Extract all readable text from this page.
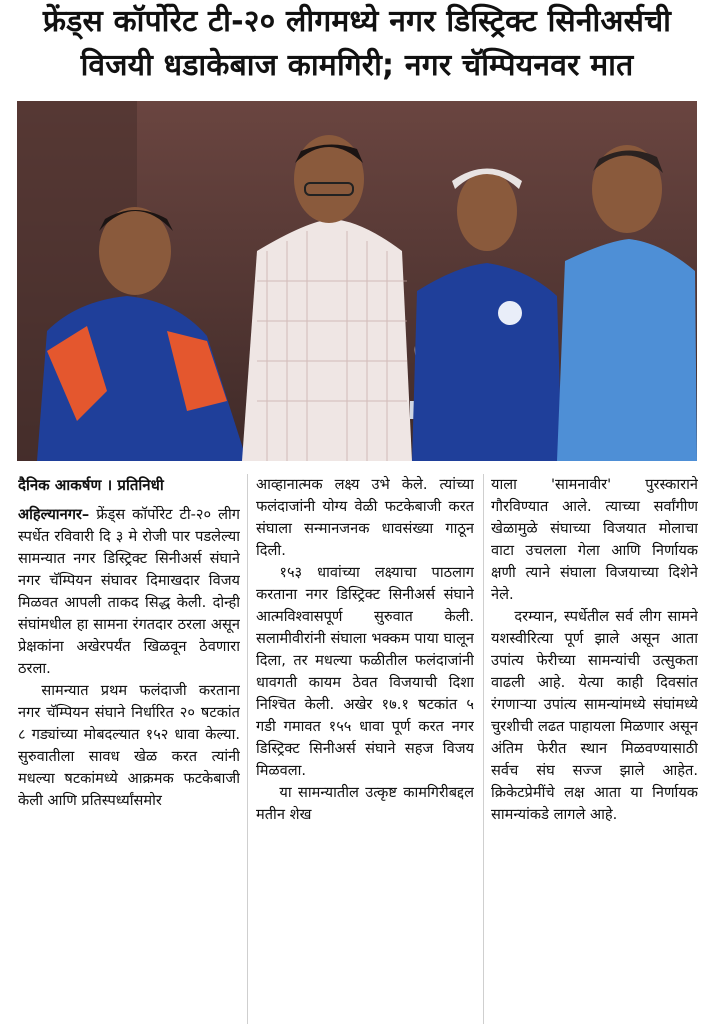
फ्रेंड्स कॉर्पोरेट टी-२० लीगमध्ये नगर डिस्ट्रिक्ट सिनीअर्सची
विजयी धडाकेबाज कामगिरी; नगर चॅम्पियनवर मात

दैनिक आकर्षण । प्रतिनिधी

अहिल्यानगर– फ्रेंड्स कॉर्पोरेट टी-२० लीग स्पर्धेत रविवारी दि ३ मे रोजी पार पडलेल्या सामन्यात नगर डिस्ट्रिक्ट सिनीअर्स संघाने नगर चॅम्पियन संघावर दिमाखदार विजय मिळवत आपली ताकद सिद्ध केली. दोन्ही संघांमधील हा सामना रंगतदार ठरला असून प्रेक्षकांना अखेरपर्यंत खिळवून ठेवणारा ठरला.

सामन्यात प्रथम फलंदाजी करताना नगर चॅम्पियन संघाने निर्धारित २० षटकांत ८ गड्यांच्या मोबदल्यात १५२ धावा केल्या. सुरुवातीला सावध खेळ करत त्यांनी मधल्या षटकांमध्ये आक्रमक फटकेबाजी केली आणि प्रतिस्पर्ध्यांसमोर

आव्हानात्मक लक्ष्य उभे केले. त्यांच्या फलंदाजांनी योग्य वेळी फटकेबाजी करत संघाला सन्मानजनक धावसंख्या गाठून दिली.

१५३ धावांच्या लक्ष्याचा पाठलाग करताना नगर डिस्ट्रिक्ट सिनीअर्स संघाने आत्मविश्वासपूर्ण सुरुवात केली. सलामीवीरांनी संघाला भक्कम पाया घालून दिला, तर मधल्या फळीतील फलंदाजांनी धावगती कायम ठेवत विजयाची दिशा निश्चित केली. अखेर १७.१ षटकांत ५ गडी गमावत १५५ धावा पूर्ण करत नगर डिस्ट्रिक्ट सिनीअर्स संघाने सहज विजय मिळवला.

या सामन्यातील उत्कृष्ट कामगिरीबद्दल मतीन शेख

याला 'सामनावीर' पुरस्काराने गौरविण्यात आले. त्याच्या सर्वांगीण खेळामुळे संघाच्या विजयात मोलाचा वाटा उचलला गेला आणि निर्णायक क्षणी त्याने संघाला विजयाच्या दिशेने नेले.

दरम्यान, स्पर्धेतील सर्व लीग सामने यशस्वीरित्या पूर्ण झाले असून आता उपांत्य फेरीच्या सामन्यांची उत्सुकता वाढली आहे. येत्या काही दिवसांत रंगणाऱ्या उपांत्य सामन्यांमध्ये संघांमध्ये चुरशीची लढत पाहायला मिळणार असून अंतिम फेरीत स्थान मिळवण्यासाठी सर्वच संघ सज्ज झाले आहेत. क्रिकेटप्रेमींचे लक्ष आता या निर्णायक सामन्यांकडे लागले आहे.
